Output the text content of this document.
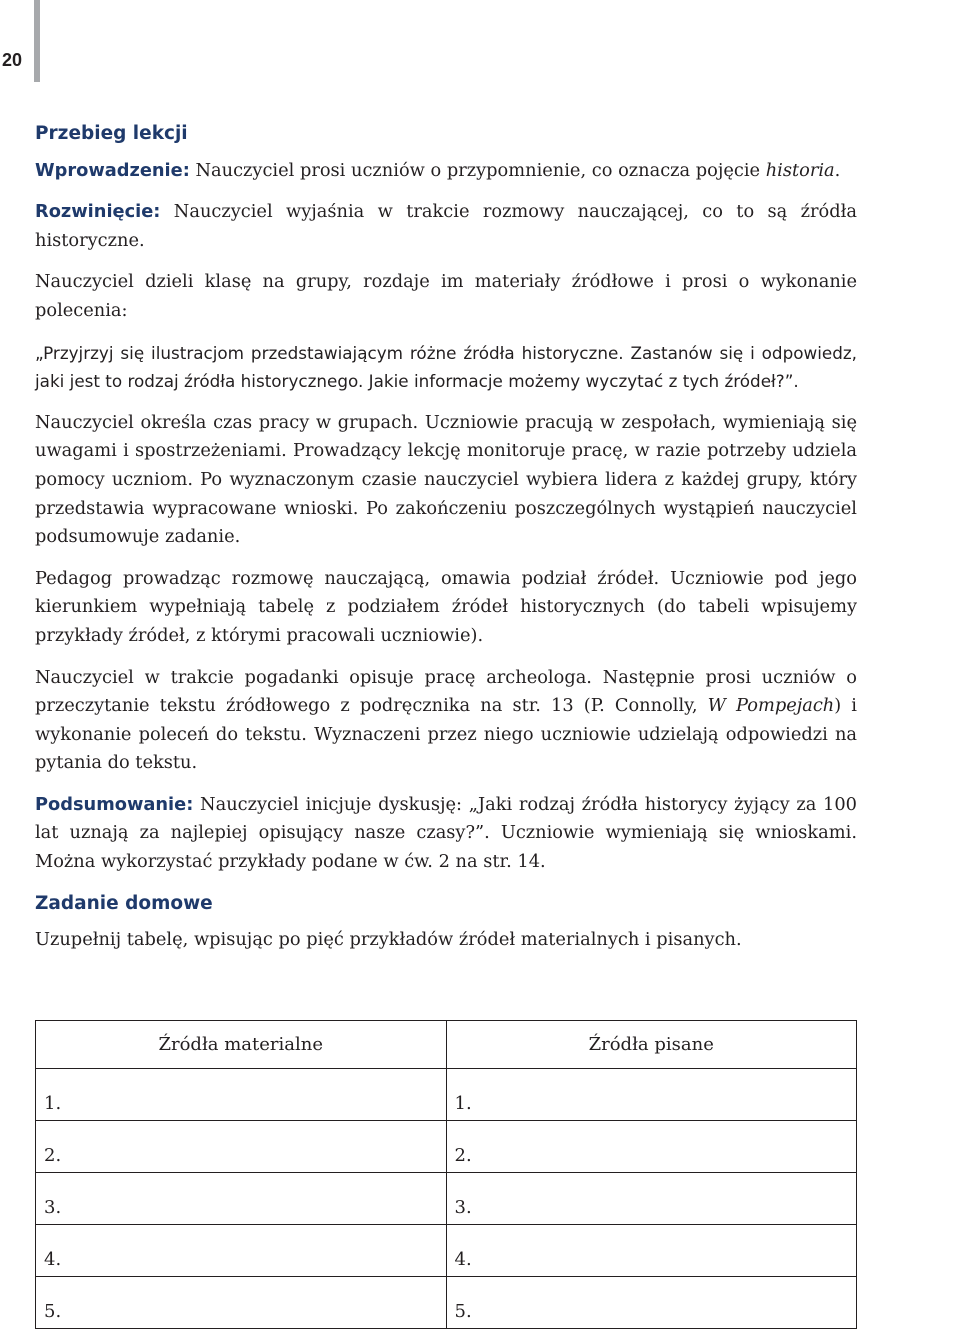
20

Przebieg lekcji

Wprowadzenie: Nauczyciel prosi uczniów o przypomnienie, co oznacza pojęcie historia.

Rozwinięcie: Nauczyciel wyjaśnia w trakcie rozmowy nauczającej, co to są źródła historyczne.

Nauczyciel dzieli klasę na grupy, rozdaje im materiały źródłowe i prosi o wykonanie polecenia:

„Przyjrzyj się ilustracjom przedstawiającym różne źródła historyczne. Zastanów się i odpowiedz, jaki jest to rodzaj źródła historycznego. Jakie informacje możemy wyczytać z tych źródeł?”.

Nauczyciel określa czas pracy w grupach. Uczniowie pracują w zespołach, wymieniają się uwagami i spostrzeżeniami. Prowadzący lekcję monitoruje pracę, w razie potrzeby udziela pomocy uczniom. Po wyznaczonym czasie nauczyciel wybiera lidera z każdej grupy, który przedstawia wypracowane wnioski. Po zakończeniu poszczególnych wystąpień nauczyciel podsumowuje zadanie.

Pedagog prowadząc rozmowę nauczającą, omawia podział źródeł. Uczniowie pod jego kierunkiem wypełniają tabelę z podziałem źródeł historycznych (do tabeli wpisujemy przykłady źródeł, z którymi pracowali uczniowie).

Nauczyciel w trakcie pogadanki opisuje pracę archeologa. Następnie prosi uczniów o przeczytanie tekstu źródłowego z podręcznika na str. 13 (P. Connolly, W Pompejach) i wykonanie poleceń do tekstu. Wyznaczeni przez niego uczniowie udzielają odpowiedzi na pytania do tekstu.

Podsumowanie: Nauczyciel inicjuje dyskusję: „Jaki rodzaj źródła historycy żyjący za 100 lat uznają za najlepiej opisujący nasze czasy?”. Uczniowie wymieniają się wnioskami. Można wykorzystać przykłady podane w ćw. 2 na str. 14.

Zadanie domowe

Uzupełnij tabelę, wpisując po pięć przykładów źródeł materialnych i pisanych.

Źródła materialne	Źródła pisane
1.	1.
2.	2.
3.	3.
4.	4.
5.	5.
